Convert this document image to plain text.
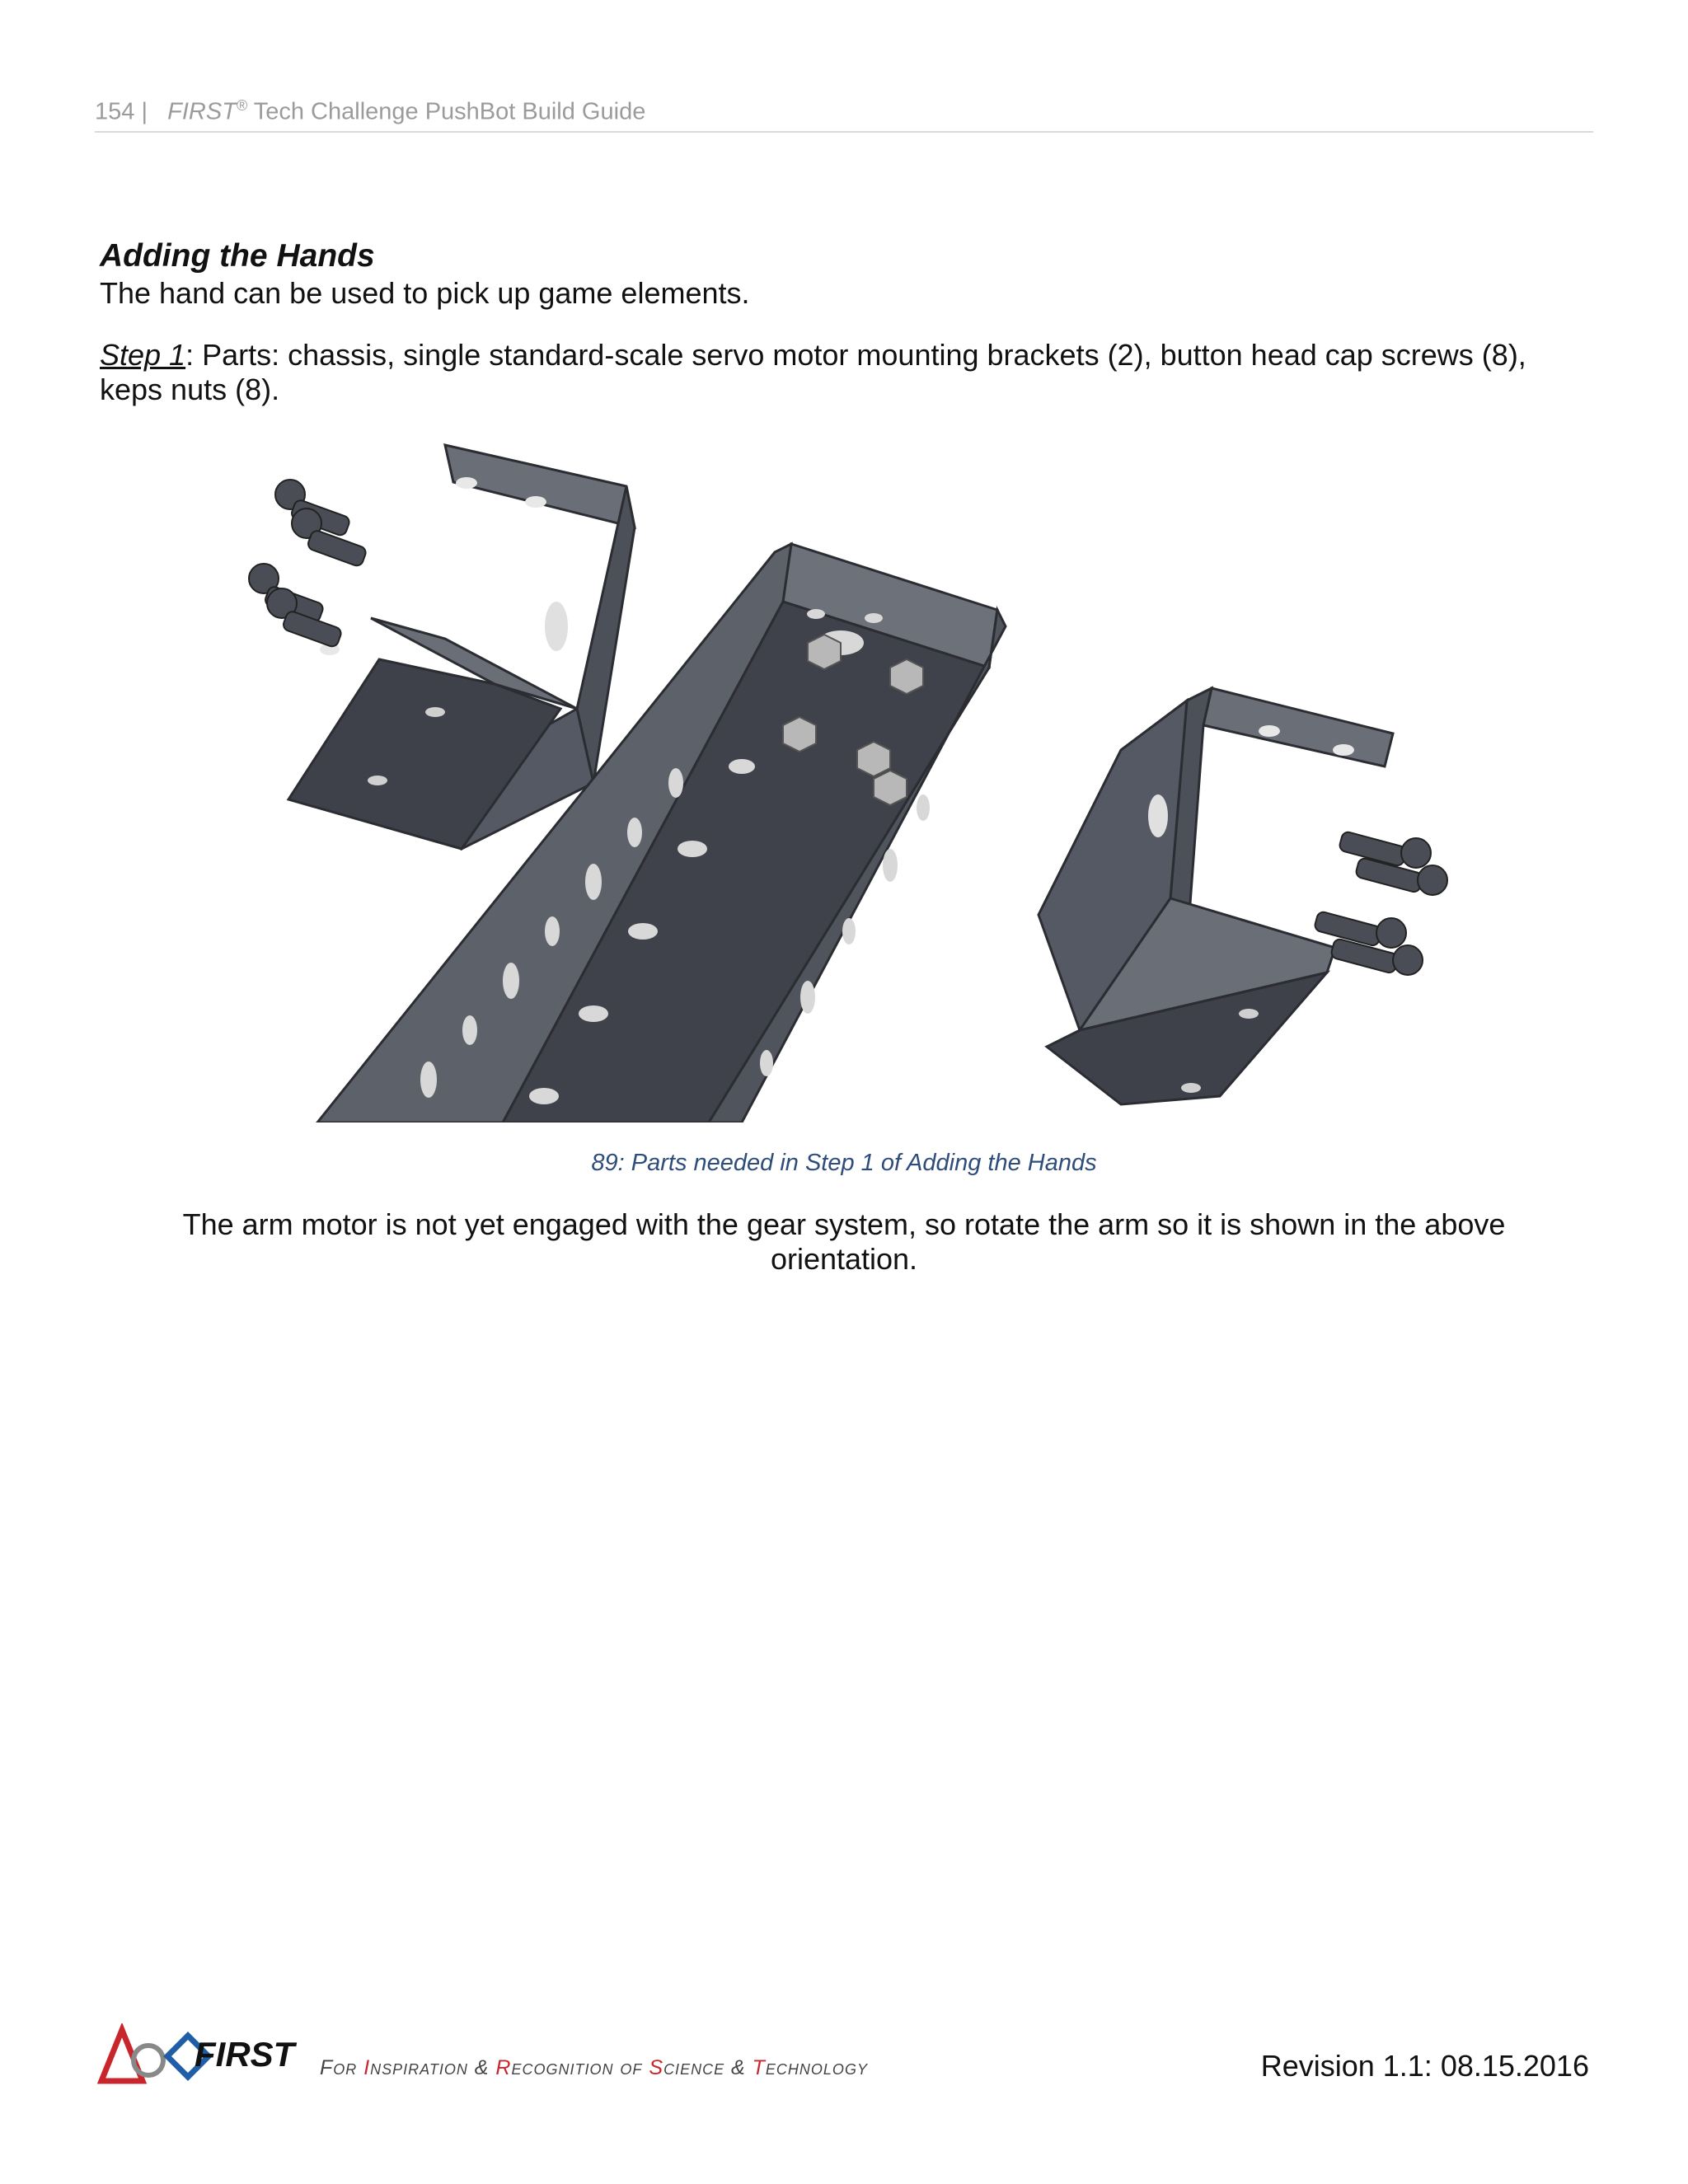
154 | FIRST® Tech Challenge PushBot Build Guide
Adding the Hands
The hand can be used to pick up game elements.
Step 1: Parts: chassis, single standard-scale servo motor mounting brackets (2), button head cap screws (8), keps nuts (8).
89: Parts needed in Step 1 of Adding the Hands
The arm motor is not yet engaged with the gear system, so rotate the arm so it is shown in the above orientation.
FIRST For Inspiration & Recognition of Science & Technology	Revision 1.1: 08.15.2016
